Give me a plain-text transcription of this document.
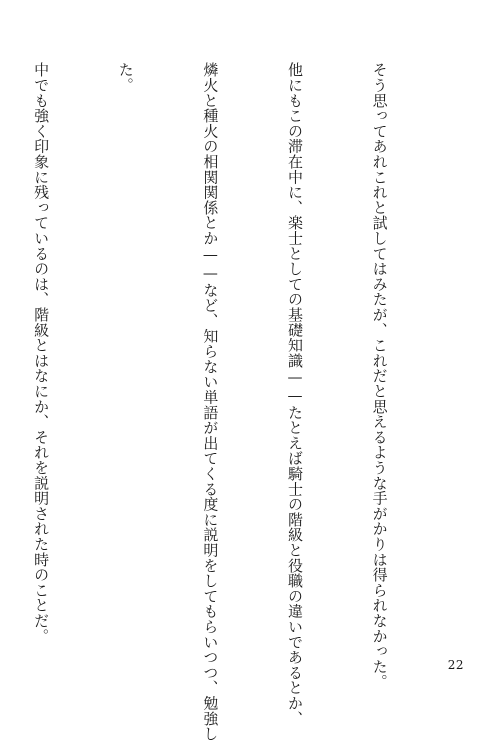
そう思ってあれこれと試してはみたが、これだと思えるような手がかりは得られなかった。

他にもこの滞在中に、楽士としての基礎知識——たとえば騎士の階級と役職の違いであるとか、

燐火と種火の相関関係とか——など、知らない単語が出てくる度に説明をしてもらいつつ、勉強し

た。

中でも強く印象に残っているのは、階級とはなにか、それを説明された時のことだ。

22
